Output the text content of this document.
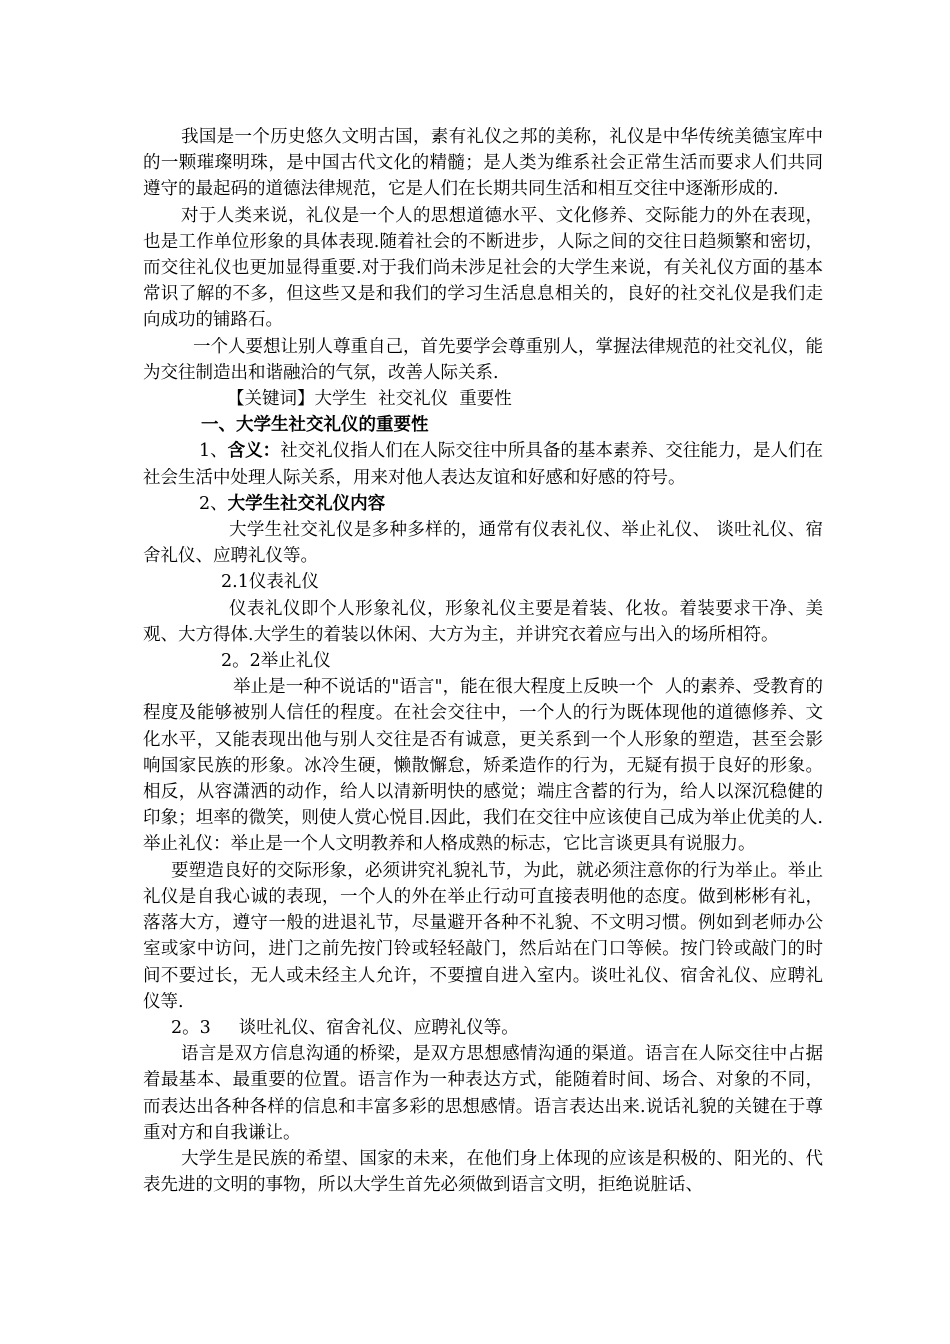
我国是一个历史悠久文明古国，素有礼仪之邦的美称，礼仪是中华传统美德宝库中的一颗璀璨明珠，是中国古代文化的精髓；是人类为维系社会正常生活而要求人们共同遵守的最起码的道德法律规范，它是人们在长期共同生活和相互交往中逐渐形成的.

对于人类来说，礼仪是一个人的思想道德水平、文化修养、交际能力的外在表现，也是工作单位形象的具体表现.随着社会的不断进步，人际之间的交往日趋频繁和密切，而交往礼仪也更加显得重要.对于我们尚未涉足社会的大学生来说，有关礼仪方面的基本常识了解的不多，但这些又是和我们的学习生活息息相关的，良好的社交礼仪是我们走向成功的铺路石。

一个人要想让别人尊重自己，首先要学会尊重别人，掌握法律规范的社交礼仪，能为交往制造出和谐融洽的气氛，改善人际关系.

【关键词】大学生  社交礼仪  重要性

一、大学生社交礼仪的重要性

1、含义：社交礼仪指人们在人际交往中所具备的基本素养、交往能力，是人们在社会生活中处理人际关系，用来对他人表达友谊和好感和好感的符号。

2、大学生社交礼仪内容

大学生社交礼仪是多种多样的，通常有仪表礼仪、举止礼仪、 谈吐礼仪、宿舍礼仪、应聘礼仪等。

2.1仪表礼仪

仪表礼仪即个人形象礼仪，形象礼仪主要是着装、化妆。着装要求干净、美观、大方得体.大学生的着装以休闲、大方为主，并讲究衣着应与出入的场所相符。

2。2举止礼仪

举止是一种不说话的"语言"，能在很大程度上反映一个  人的素养、受教育的程度及能够被别人信任的程度。在社会交往中，一个人的行为既体现他的道德修养、文化水平，又能表现出他与别人交往是否有诚意，更关系到一个人形象的塑造，甚至会影响国家民族的形象。冰冷生硬，懒散懈怠，矫柔造作的行为，无疑有损于良好的形象。相反，从容潇洒的动作，给人以清新明快的感觉；端庄含蓄的行为，给人以深沉稳健的印象；坦率的微笑，则使人赏心悦目.因此，我们在交往中应该使自己成为举止优美的人.   举止礼仪：举止是一个人文明教养和人格成熟的标志，它比言谈更具有说服力。

要塑造良好的交际形象，必须讲究礼貌礼节，为此，就必须注意你的行为举止。举止礼仪是自我心诚的表现，一个人的外在举止行动可直接表明他的态度。做到彬彬有礼，落落大方，遵守一般的进退礼节，尽量避开各种不礼貌、不文明习惯。例如到老师办公室或家中访问，进门之前先按门铃或轻轻敲门，然后站在门口等候。按门铃或敲门的时间不要过长，无人或未经主人允许，不要擅自进入室内。谈吐礼仪、宿舍礼仪、应聘礼仪等.

2。3 谈吐礼仪、宿舍礼仪、应聘礼仪等。

语言是双方信息沟通的桥梁，是双方思想感情沟通的渠道。语言在人际交往中占据着最基本、最重要的位置。语言作为一种表达方式，能随着时间、场合、对象的不同，而表达出各种各样的信息和丰富多彩的思想感情。语言表达出来.说话礼貌的关键在于尊重对方和自我谦让。

大学生是民族的希望、国家的未来，在他们身上体现的应该是积极的、阳光的、代表先进的文明的事物，所以大学生首先必须做到语言文明，拒绝说脏话、
